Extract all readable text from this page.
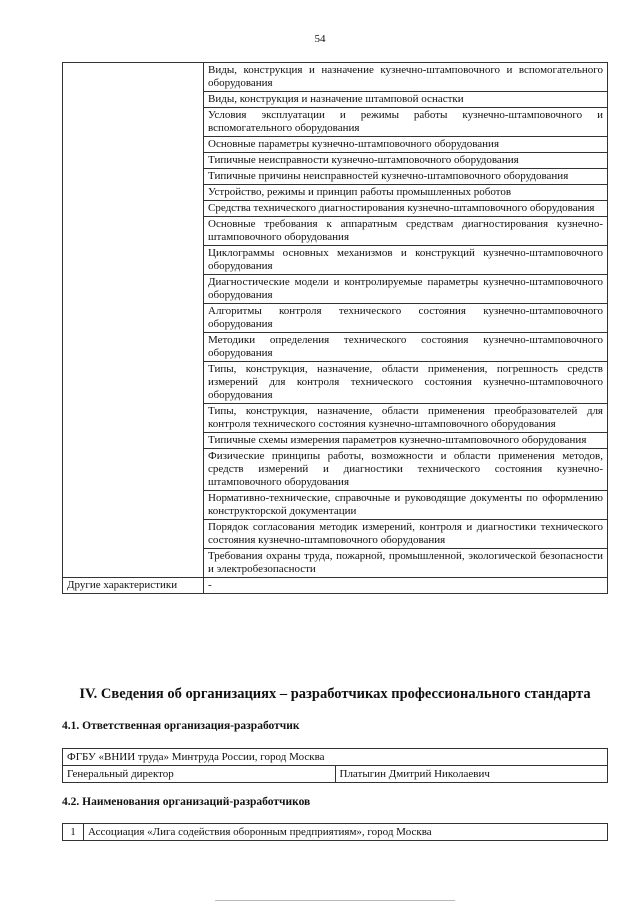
54
	Виды, конструкция и назначение кузнечно-штамповочного и вспомогательного оборудования
	Виды, конструкция и назначение штамповой оснастки
	Условия эксплуатации и режимы работы кузнечно-штамповочного и вспомогательного оборудования
	Основные параметры кузнечно-штамповочного оборудования
	Типичные неисправности кузнечно-штамповочного оборудования
	Типичные причины неисправностей кузнечно-штамповочного оборудования
	Устройство, режимы и принцип работы промышленных роботов
	Средства технического диагностирования кузнечно-штамповочного оборудования
	Основные требования к аппаратным средствам диагностирования кузнечно-штамповочного оборудования
	Циклограммы основных механизмов и конструкций кузнечно-штамповочного оборудования
	Диагностические модели и контролируемые параметры кузнечно-штамповочного оборудования
	Алгоритмы контроля технического состояния кузнечно-штамповочного оборудования
	Методики определения технического состояния кузнечно-штамповочного оборудования
	Типы, конструкция, назначение, области применения, погрешность средств измерений для контроля технического состояния кузнечно-штамповочного оборудования
	Типы, конструкция, назначение, области применения преобразователей для контроля технического состояния кузнечно-штамповочного оборудования
	Типичные схемы измерения параметров кузнечно-штамповочного оборудования
	Физические принципы работы, возможности и области применения методов, средств измерений и диагностики технического состояния кузнечно-штамповочного оборудования
	Нормативно-технические, справочные и руководящие документы по оформлению конструкторской документации
	Порядок согласования методик измерений, контроля и диагностики технического состояния кузнечно-штамповочного оборудования
	Требования охраны труда, пожарной, промышленной, экологической безопасности и электробезопасности
Другие характеристики	-
IV. Сведения об организациях – разработчиках профессионального стандарта
4.1. Ответственная организация-разработчик
ФГБУ «ВНИИ труда» Минтруда России, город Москва
Генеральный директор	Платыгин Дмитрий Николаевич
4.2. Наименования организаций-разработчиков
1	Ассоциация «Лига содействия оборонным предприятиям», город Москва
